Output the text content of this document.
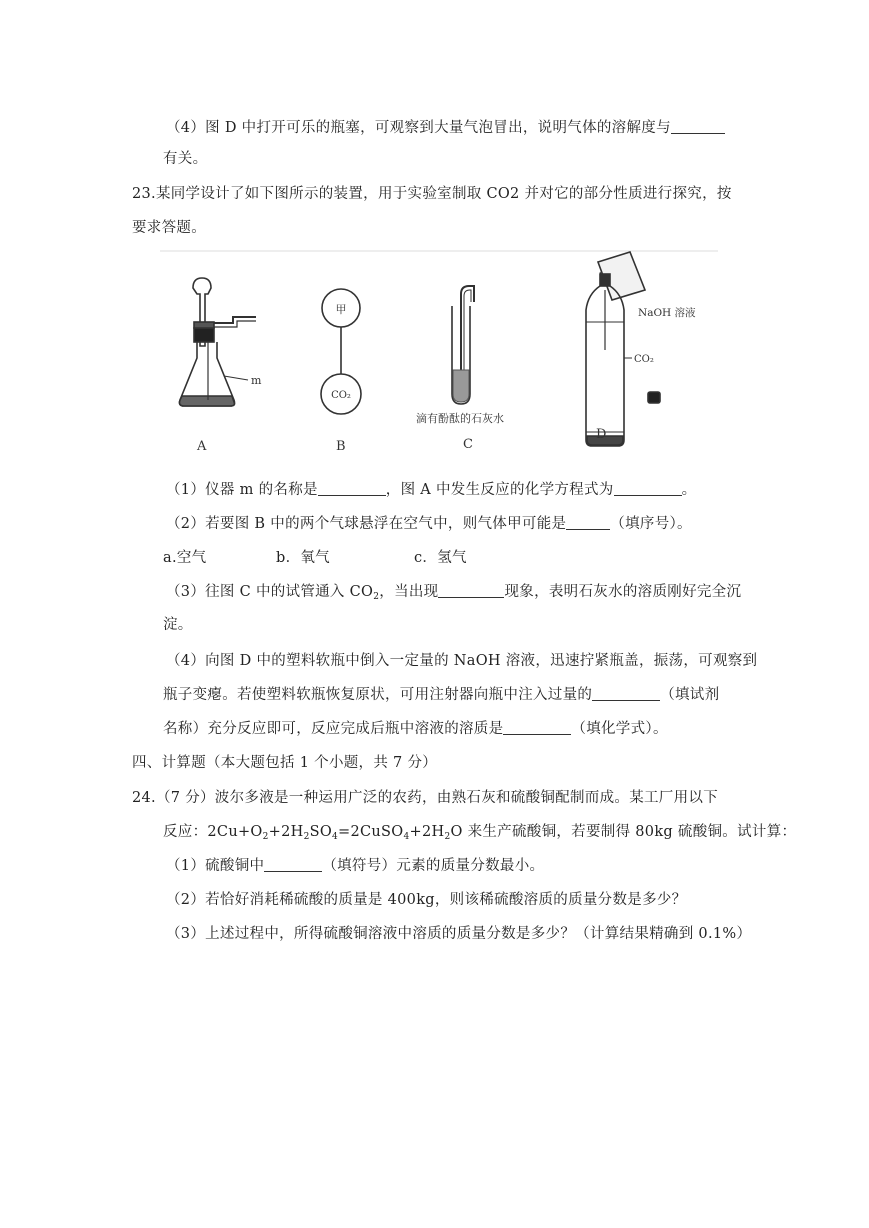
（4）图 D 中打开可乐的瓶塞，可观察到大量气泡冒出，说明气体的溶解度与
有关。
23.某同学设计了如下图所示的装置，用于实验室制取 CO2 并对它的部分性质进行探究，按
要求答题。
m
甲
CO₂
滴有酚酞的石灰水
NaOH 溶液
CO₂
A	B	C
D
（1）仪器 m 的名称是	，图 A 中发生反应的化学方程式为	。
（2）若要图 B 中的两个气球悬浮在空气中，则气体甲可能是	（填序号）。
a.空气	b．氧气	c．氢气
（3）往图 C 中的试管通入 $CO_2$，当出现	现象，表明石灰水的溶质刚好完全沉
淀。
（4）向图 D 中的塑料软瓶中倒入一定量的 NaOH 溶液，迅速拧紧瓶盖，振荡，可观察到
瓶子变瘪。若使塑料软瓶恢复原状，可用注射器向瓶中注入过量的	（填试剂
名称）充分反应即可，反应完成后瓶中溶液的溶质是	（填化学式）。
四、计算题（本大题包括 1 个小题，共 7 分）
24.（7 分）波尔多液是一种运用广泛的农药，由熟石灰和硫酸铜配制而成。某工厂用以下
反应：$2Cu+O_2+2H_2SO_4=2CuSO_4+2H_2O$ 来生产硫酸铜，若要制得 80kg 硫酸铜。试计算：
（1）硫酸铜中	（填符号）元素的质量分数最小。
（2）若恰好消耗稀硫酸的质量是 400kg，则该稀硫酸溶质的质量分数是多少？
（3）上述过程中，所得硫酸铜溶液中溶质的质量分数是多少？（计算结果精确到 0.1%）
